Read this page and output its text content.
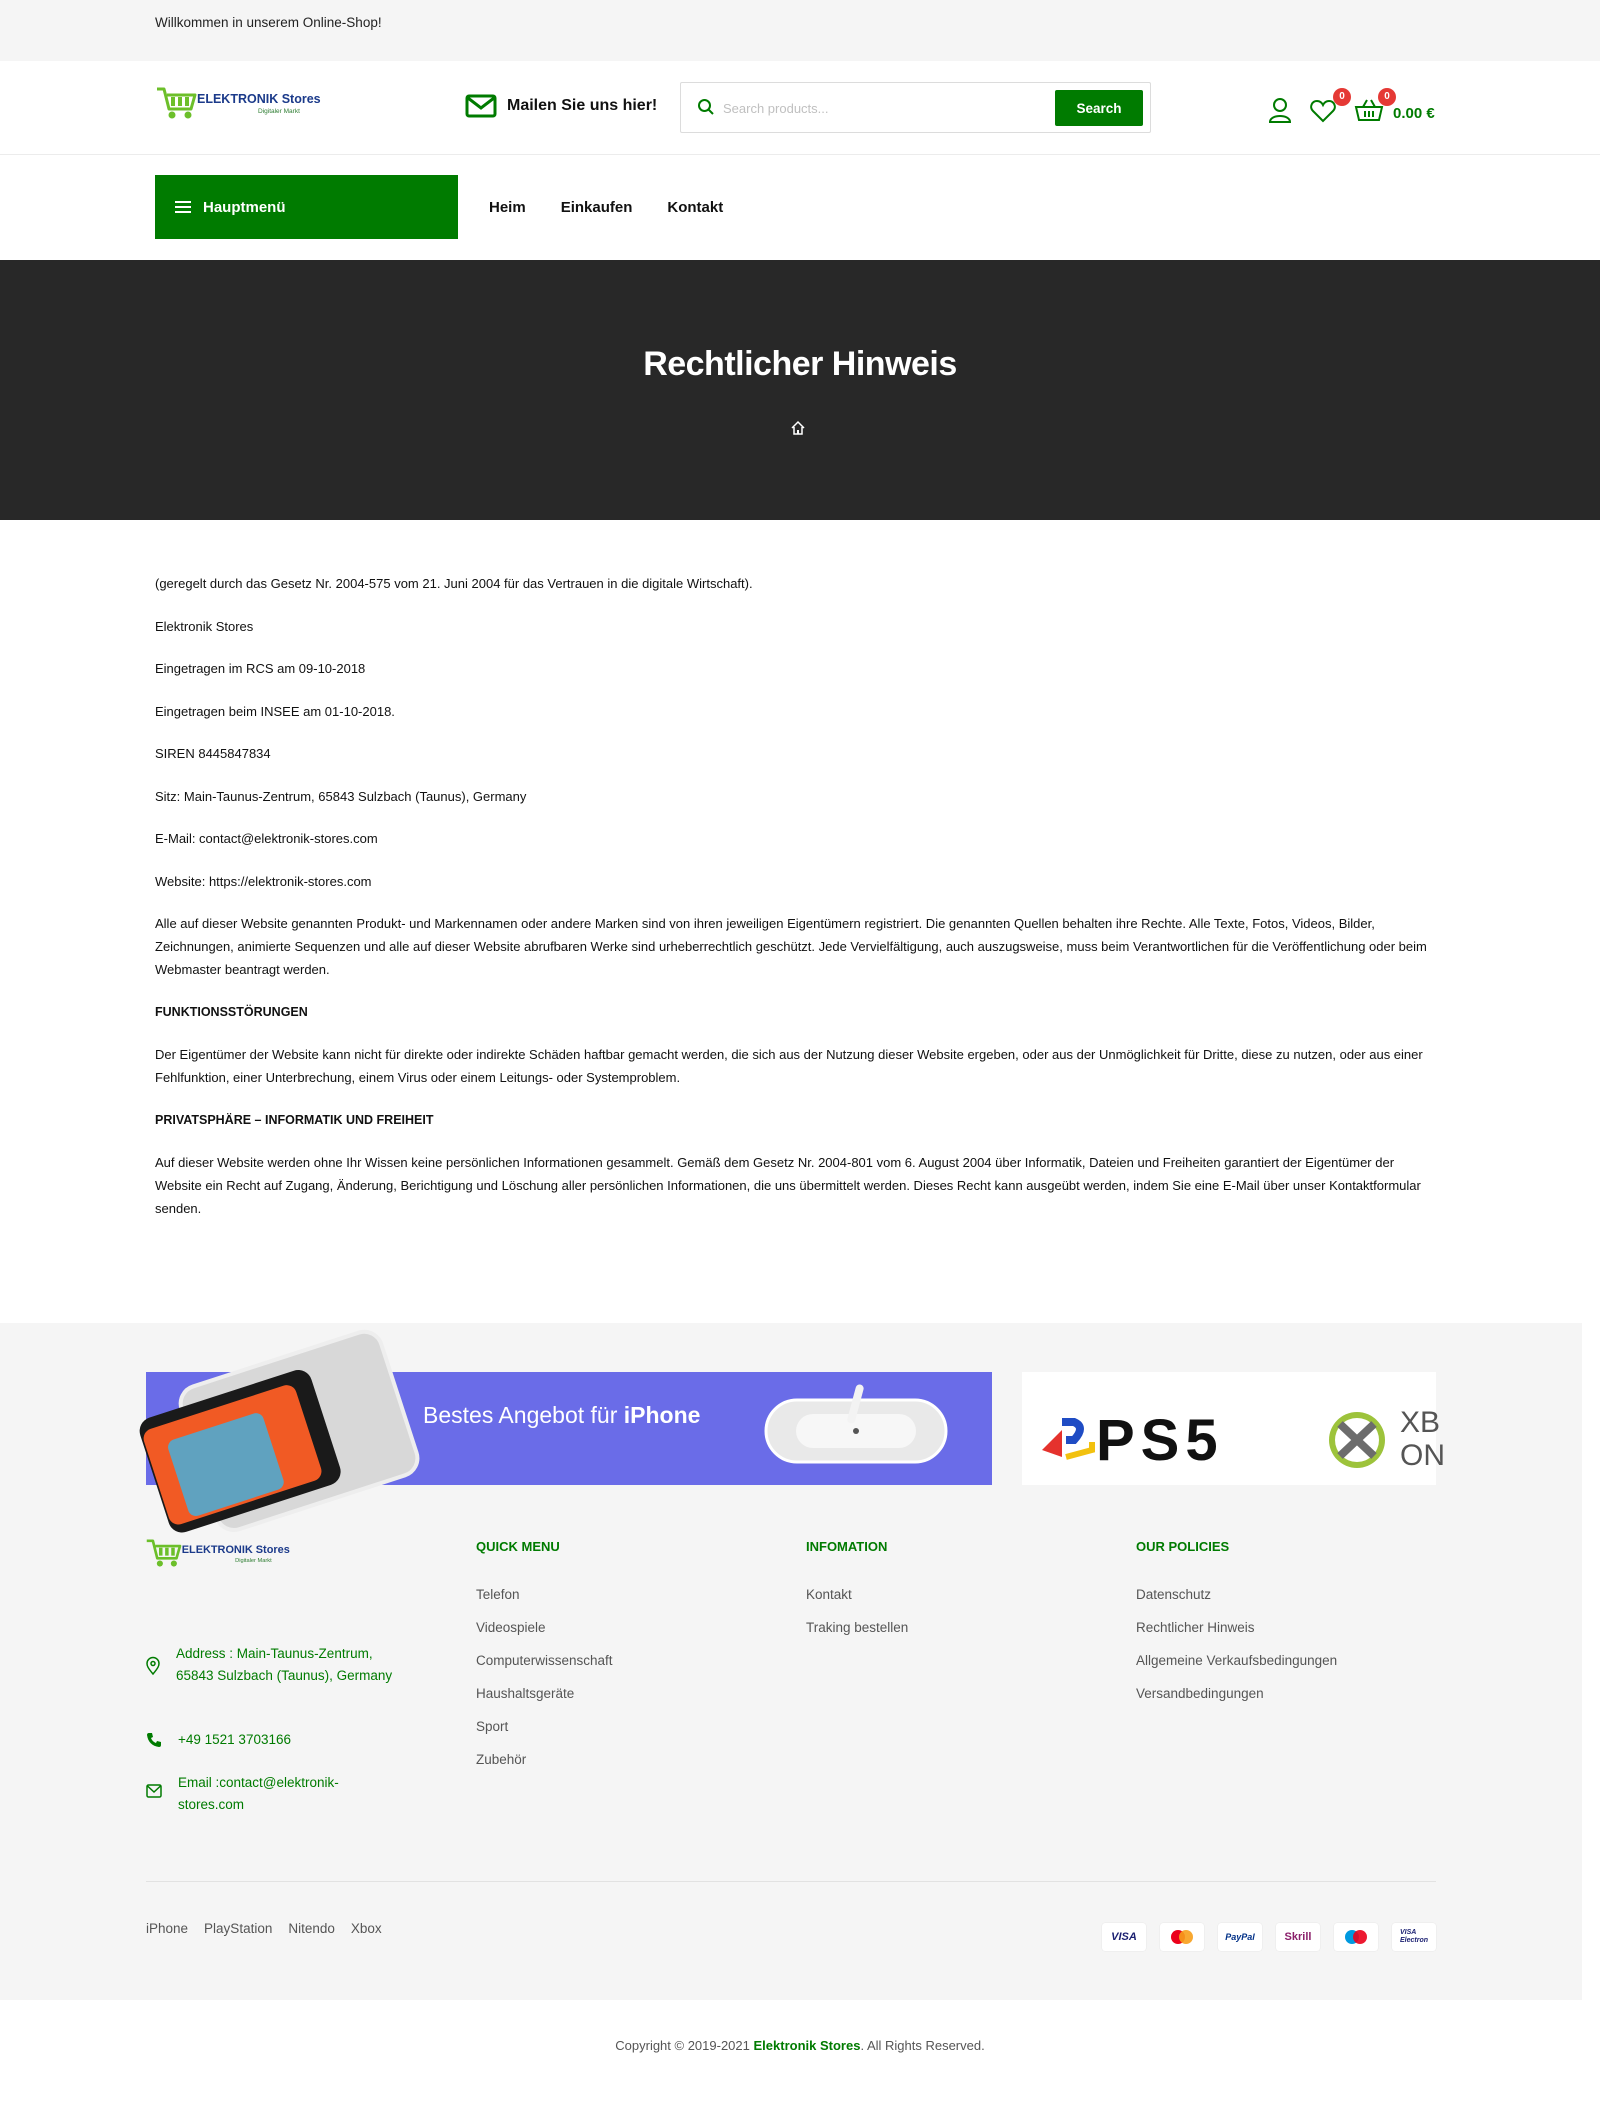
Willkommen in unserem Online-Shop!
ELEKTRONIK Stores
Digitaler Markt	Mailen Sie uns hier!
Search products...	Search
0	0
0.00 €
Hauptmenü	Heim Einkaufen Kontakt
Rechtlicher Hinweis

(geregelt durch das Gesetz Nr. 2004-575 vom 21. Juni 2004 für das Vertrauen in die digitale Wirtschaft).

Elektronik Stores

Eingetragen im RCS am 09-10-2018

Eingetragen beim INSEE am 01-10-2018.

SIREN 8445847834

Sitz: Main-Taunus-Zentrum, 65843 Sulzbach (Taunus), Germany

E-Mail: contact@elektronik-stores.com

Website: https://elektronik-stores.com

Alle auf dieser Website genannten Produkt- und Markennamen oder andere Marken sind von ihren jeweiligen Eigentümern registriert. Die genannten Quellen behalten ihre Rechte. Alle Texte, Fotos, Videos, Bilder, Zeichnungen, animierte Sequenzen und alle auf dieser Website abrufbaren Werke sind urheberrechtlich geschützt. Jede Vervielfältigung, auch auszugsweise, muss beim Verantwortlichen für die Veröffentlichung oder beim Webmaster beantragt werden.

FUNKTIONSSTÖRUNGEN

Der Eigentümer der Website kann nicht für direkte oder indirekte Schäden haftbar gemacht werden, die sich aus der Nutzung dieser Website ergeben, oder aus der Unmöglichkeit für Dritte, diese zu nutzen, oder aus einer Fehlfunktion, einer Unterbrechung, einem Virus oder einem Leitungs- oder Systemproblem.

PRIVATSPHÄRE – INFORMATIK UND FREIHEIT

Auf dieser Website werden ohne Ihr Wissen keine persönlichen Informationen gesammelt. Gemäß dem Gesetz Nr. 2004-801 vom 6. August 2004 über Informatik, Dateien und Freiheiten garantiert der Eigentümer der Website ein Recht auf Zugang, Änderung, Berichtigung und Löschung aller persönlichen Informationen, die uns übermittelt werden. Dieses Recht kann ausgeübt werden, indem Sie eine E-Mail über unser Kontaktformular senden.

Bestes Angebot für iPhone	PS5	XB
ON
ELEKTRONIK Stores
Digitaler Markt
Address : Main-Taunus-Zentrum, 65843 Sulzbach (Taunus), Germany
+49 1521 3703166
Email :contact@elektronik-stores.com
QUICK MENU
Telefon
Videospiele
Computerwissenschaft
Haushaltsgeräte
Sport
Zubehör
INFOMATION
Kontakt
Traking bestellen
OUR POLICIES
Datenschutz
Rechtlicher Hinweis
Allgemeine Verkaufsbedingungen
Versandbedingungen
iPhone PlayStation Nitendo Xbox
VISA	PayPal	Skrill	VISA
Electron
Copyright © 2019-2021 Elektronik Stores. All Rights Reserved.
